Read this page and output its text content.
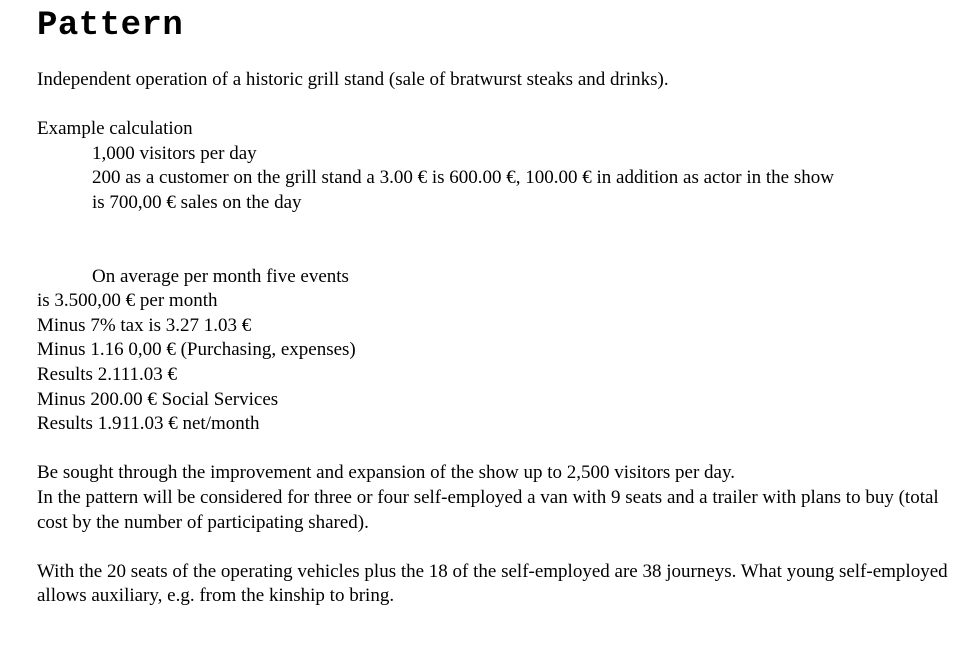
Pattern

Independent operation of a historic grill stand (sale of bratwurst steaks and drinks).

Example calculation
1,000 visitors per day
200 as a customer on the grill stand a 3.00 € is 600.00 €, 100.00 € in addition as actor in the show
is 700,00 € sales on the day
On average per month five events
is 3.500,00 € per month
Minus 7% tax is 3.27 1.03 €
Minus 1.16 0,00 € (Purchasing, expenses)
Results 2.111.03 €
Minus 200.00 € Social Services
Results 1.911.03 € net/month

Be sought through the improvement and expansion of the show up to 2,500 visitors per day.

In the pattern will be considered for three or four self-employed a van with 9 seats and a trailer with plans to buy (total cost by the number of participating shared).

With the 20 seats of the operating vehicles plus the 18 of the self-employed are 38 journeys. What young self-employed allows auxiliary, e.g. from the kinship to bring.
